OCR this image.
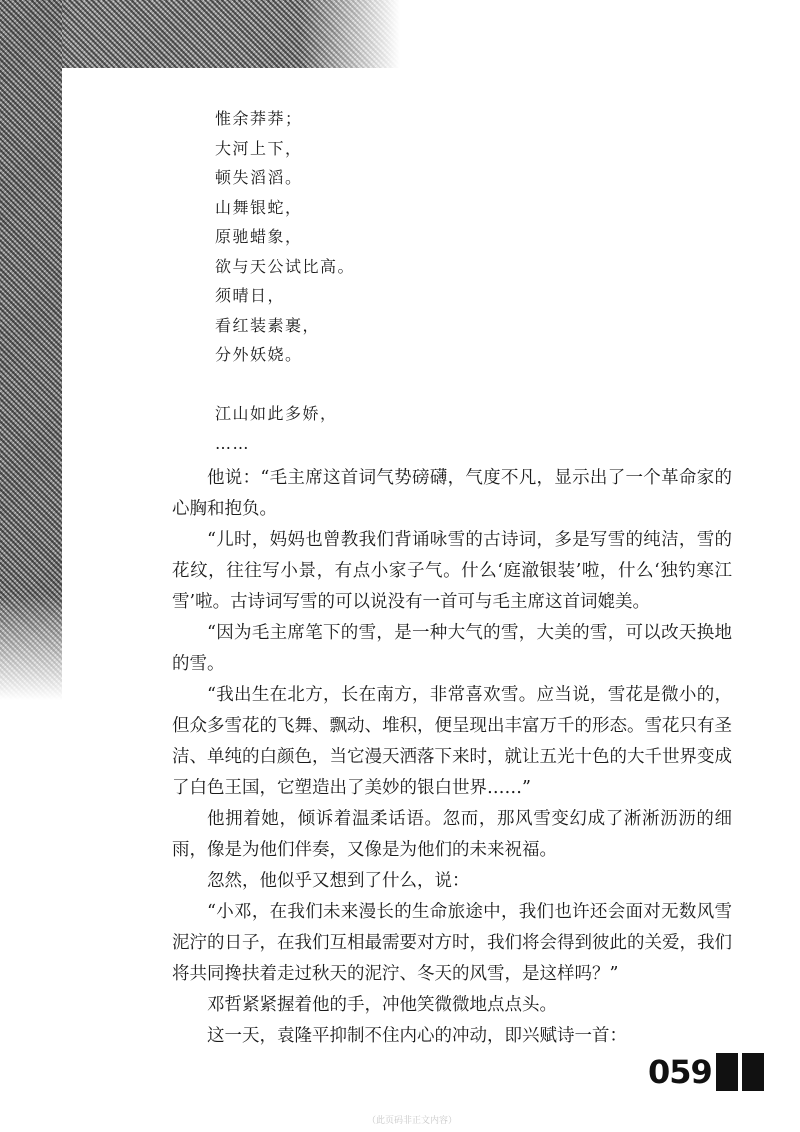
惟余莽莽；
大河上下，
顿失滔滔。
山舞银蛇，
原驰蜡象，
欲与天公试比高。
须晴日，
看红装素裹，
分外妖娆。
江山如此多娇，
……

他说：“毛主席这首词气势磅礴，气度不凡，显示出了一个革命家的心胸和抱负。

“儿时，妈妈也曾教我们背诵咏雪的古诗词，多是写雪的纯洁，雪的花纹，往往写小景，有点小家子气。什么‘庭澈银装’啦，什么‘独钓寒江雪’啦。古诗词写雪的可以说没有一首可与毛主席这首词媲美。

“因为毛主席笔下的雪，是一种大气的雪，大美的雪，可以改天换地的雪。

“我出生在北方，长在南方，非常喜欢雪。应当说，雪花是微小的，但众多雪花的飞舞、飘动、堆积，便呈现出丰富万千的形态。雪花只有圣洁、单纯的白颜色，当它漫天洒落下来时，就让五光十色的大千世界变成了白色王国，它塑造出了美妙的银白世界……”

他拥着她，倾诉着温柔话语。忽而，那风雪变幻成了淅淅沥沥的细雨，像是为他们伴奏，又像是为他们的未来祝福。

忽然，他似乎又想到了什么，说：

“小邓，在我们未来漫长的生命旅途中，我们也许还会面对无数风雪泥泞的日子，在我们互相最需要对方时，我们将会得到彼此的关爱，我们将共同搀扶着走过秋天的泥泞、冬天的风雪，是这样吗？”

邓哲紧紧握着他的手，冲他笑微微地点点头。

这一天，袁隆平抑制不住内心的冲动，即兴赋诗一首：

059
（此页码非正文内容）
